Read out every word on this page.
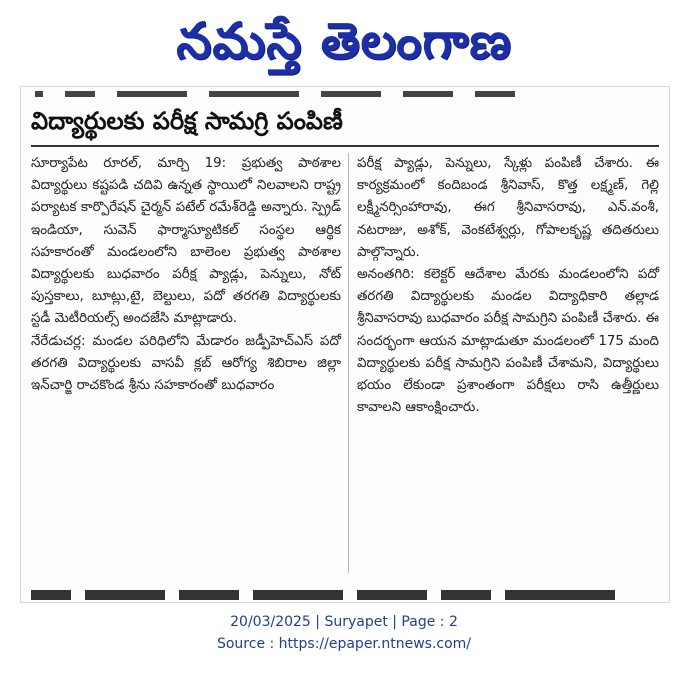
నమస్తే తెలంగాణ
విద్యార్థులకు పరీక్ష సామగ్రి పంపిణీ

సూర్యాపేట రూరల్, మార్చి 19: ప్రభుత్వ పాఠశాల విద్యార్థులు కష్టపడి చదివి ఉన్నత స్థాయిలో నిలవాలని రాష్ట్ర పర్యాటక కార్పొరేషన్ చైర్మన్ పటేల్ రమేశ్‌రెడ్డి అన్నారు. స్ప్రెడ్ ఇండియా, సువెన్ ఫార్మాస్యూటికల్ సంస్థల ఆర్థిక సహకారంతో మండలంలోని బాలెంల ప్రభుత్వ పాఠశాల విద్యార్థులకు బుధవారం పరీక్ష ప్యాడ్లు, పెన్నులు, నోట్ పుస్తకాలు, బూట్లు,టై, బెల్టులు, పదో తరగతి విద్యార్థులకు స్టడీ మెటీరియల్స్ అందజేసి మాట్లాడారు.

నేరేడుచర్ల: మండల పరిధిలోని మేడారం జడ్పీహెచ్‌ఎస్ పదో తరగతి విద్యార్థులకు వాసవీ క్లబ్ ఆరోగ్య శిబిరాల జిల్లా ఇన్‌చార్జి రాచకొండ శ్రీను సహకారంతో బుధవారం

పరీక్ష ప్యాడ్లు, పెన్నులు, స్కేళ్లు పంపిణీ చేశారు. ఈ కార్యక్రమంలో కందిబండ శ్రీనివాస్, కొత్త లక్ష్మణ్, గెల్లి లక్ష్మీనర్సింహారావు, ఈగ శ్రీనివాసరావు, ఎన్.వంశీ, నటరాజు, అశోక్, వెంకటేశ్వర్లు, గోపాలకృష్ణ తదితరులు పాల్గొన్నారు.

అనంతగిరి: కలెక్టర్ ఆదేశాల మేరకు మండలంలోని పదో తరగతి విద్యార్థులకు మండల విద్యాధికారి తల్లాడ శ్రీనివాసరావు బుధవారం పరీక్ష సామగ్రిని పంపిణీ చేశారు. ఈ సందర్భంగా ఆయన మాట్లాడుతూ మండలంలో 175 మంది విద్యార్థులకు పరీక్ష సామగ్రిని పంపిణీ చేశామని, విద్యార్థులు భయం లేకుండా ప్రశాంతంగా పరీక్షలు రాసి ఉత్తీర్ణులు కావాలని ఆకాంక్షించారు.

20/03/2025 | Suryapet | Page : 2
Source : https://epaper.ntnews.com/
